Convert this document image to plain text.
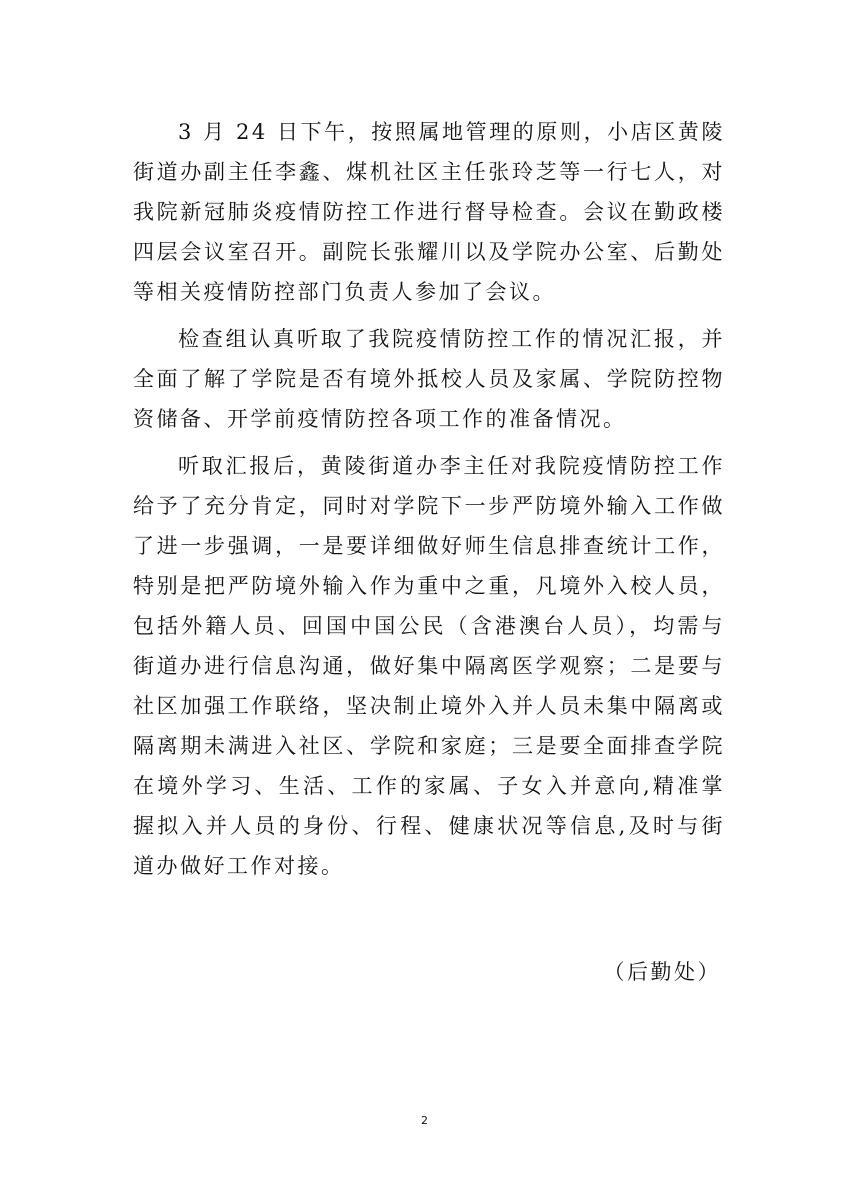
3 月 24 日下午，按照属地管理的原则，小店区黄陵街道办副主任李鑫、煤机社区主任张玲芝等一行七人，对我院新冠肺炎疫情防控工作进行督导检查。会议在勤政楼四层会议室召开。副院长张耀川以及学院办公室、后勤处等相关疫情防控部门负责人参加了会议。

检查组认真听取了我院疫情防控工作的情况汇报，并全面了解了学院是否有境外抵校人员及家属、学院防控物资储备、开学前疫情防控各项工作的准备情况。

听取汇报后，黄陵街道办李主任对我院疫情防控工作给予了充分肯定，同时对学院下一步严防境外输入工作做了进一步强调，一是要详细做好师生信息排查统计工作，特别是把严防境外输入作为重中之重，凡境外入校人员，包括外籍人员、回国中国公民（含港澳台人员），均需与街道办进行信息沟通，做好集中隔离医学观察；二是要与社区加强工作联络，坚决制止境外入并人员未集中隔离或隔离期未满进入社区、学院和家庭；三是要全面排查学院在境外学习、生活、工作的家属、子女入并意向,精准掌握拟入并人员的身份、行程、健康状况等信息,及时与街道办做好工作对接。

（后勤处）
2
